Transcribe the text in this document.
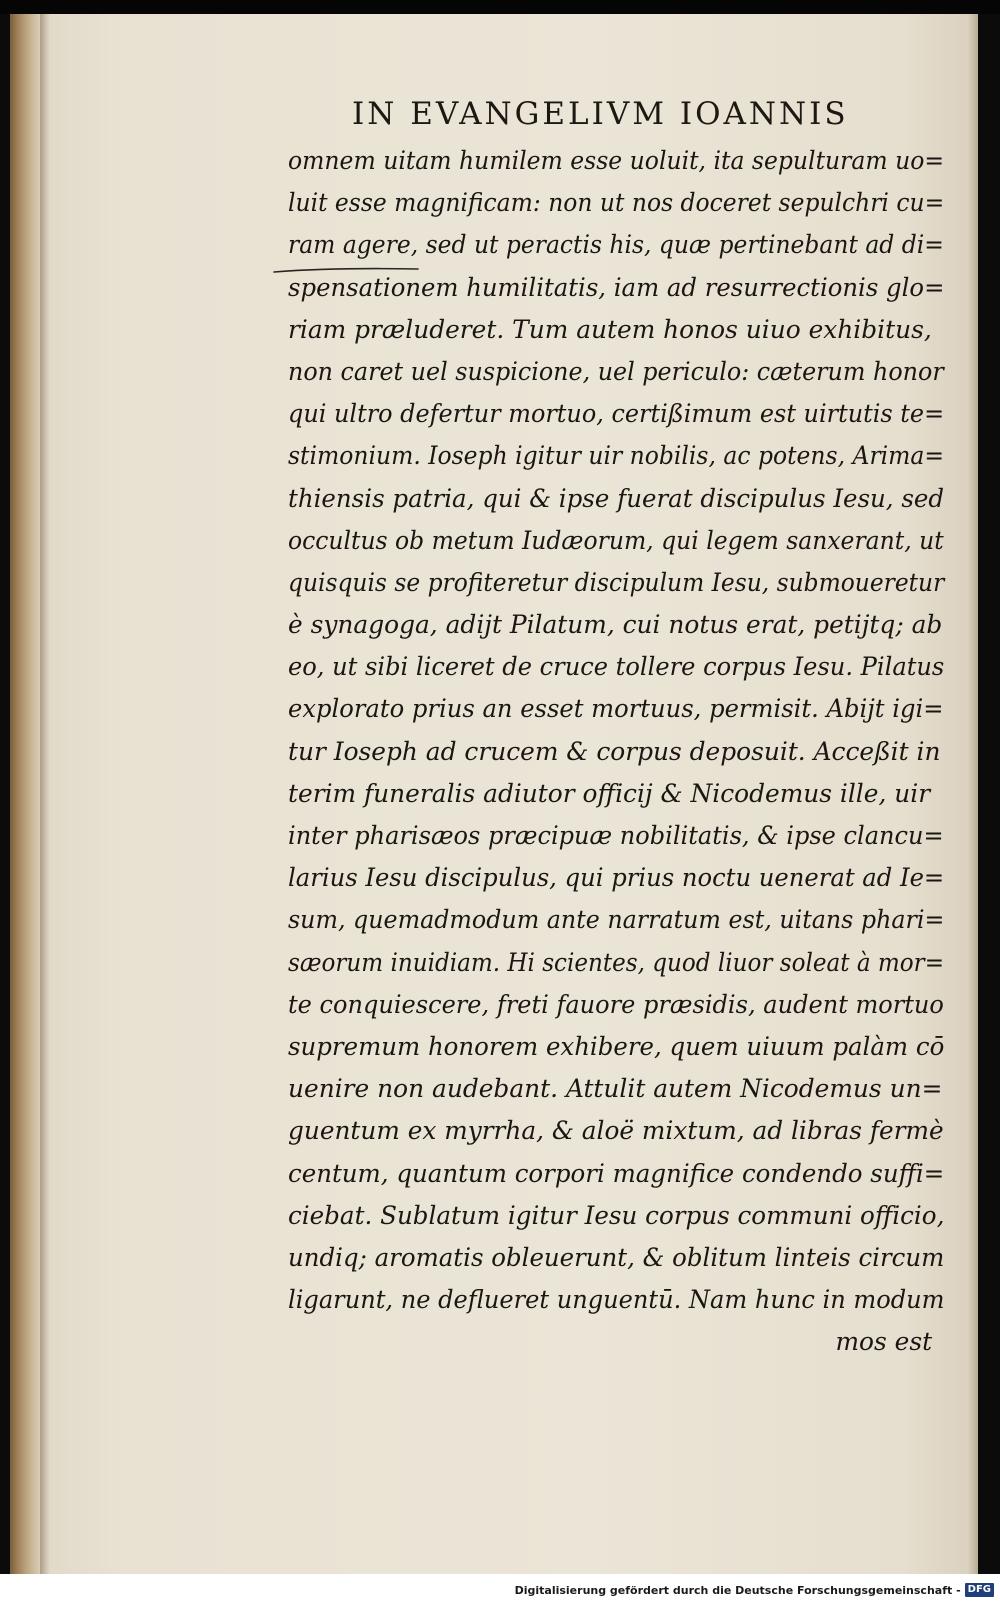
IN EVANGELIVM IOANNIS
omnem uitam humilem esse uoluit, ita sepulturam uo=
luit esse magnificam: non ut nos doceret sepulchri cu=
ram agere, sed ut peractis his, quæ pertinebant ad di=
spensationem humilitatis, iam ad resurrectionis glo=
riam præluderet. Tum autem honos uiuo exhibitus,
non caret uel suspicione, uel periculo: cæterum honor
qui ultro defertur mortuo, certißimum est uirtutis te=
stimonium. Ioseph igitur uir nobilis, ac potens, Arima=
thiensis patria, qui & ipse fuerat discipulus Iesu, sed
occultus ob metum Iudæorum, qui legem sanxerant, ut
quisquis se profiteretur discipulum Iesu, submoueretur
è synagoga, adijt Pilatum, cui notus erat, petijtq; ab
eo, ut sibi liceret de cruce tollere corpus Iesu. Pilatus
explorato prius an esset mortuus, permisit. Abijt igi=
tur Ioseph ad crucem & corpus deposuit. Acceßit in
terim funeralis adiutor officij & Nicodemus ille, uir
inter pharisæos præcipuæ nobilitatis, & ipse clancu=
larius Iesu discipulus, qui prius noctu uenerat ad Ie=
sum, quemadmodum ante narratum est, uitans phari=
sæorum inuidiam. Hi scientes, quod liuor soleat à mor=
te conquiescere, freti fauore præsidis, audent mortuo
supremum honorem exhibere, quem uiuum palàm cō
uenire non audebant. Attulit autem Nicodemus un=
guentum ex myrrha, & aloë mixtum, ad libras fermè
centum, quantum corpori magnifice condendo suffi=
ciebat. Sublatum igitur Iesu corpus communi officio,
undiq; aromatis obleuerunt, & oblitum linteis circum
ligarunt, ne deflueret unguentū. Nam hunc in modum
mos est
Digitalisierung gefördert durch die Deutsche Forschungsgemeinschaft - DFG
